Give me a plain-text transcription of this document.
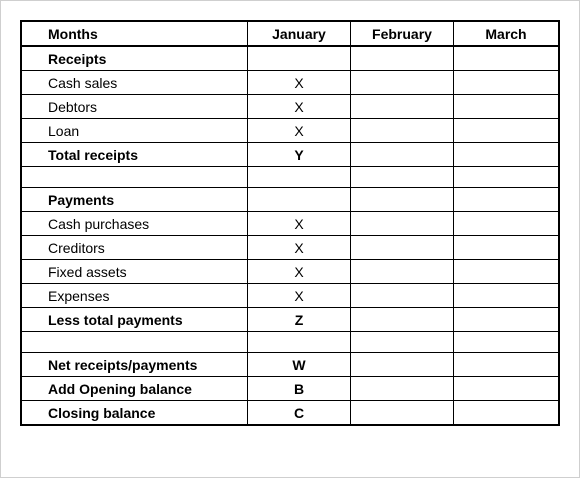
Months	January	February	March
Receipts			
Cash sales	X		
Debtors	X		
Loan	X		
Total receipts	Y		

Payments			
Cash purchases	X		
Creditors	X		
Fixed assets	X		
Expenses	X		
Less total payments	Z		

Net receipts/payments	W		
Add Opening balance	B		
Closing balance	C		
